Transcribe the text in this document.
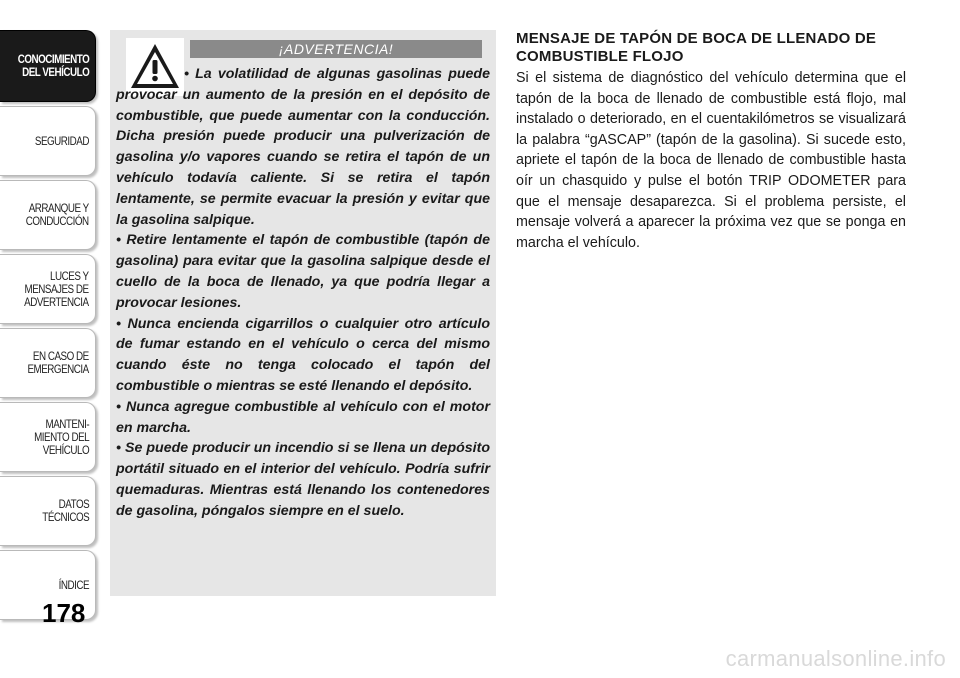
CONOCIMIENTO
DEL VEHÍCULO
SEGURIDAD
ARRANQUE Y
CONDUCCIÓN
LUCES Y
MENSAJES DE
ADVERTENCIA
EN CASO DE
EMERGENCIA
MANTENI-
MIENTO DEL
VEHÍCULO
DATOS
TÉCNICOS
ÍNDICE
178
¡ADVERTENCIA!

• La volatilidad de algunas gasolinas puede provocar un aumento de la presión en el depósito de combustible, que puede aumentar con la conducción. Dicha presión puede producir una pulverización de gasolina y/o vapores cuando se retira el tapón de un vehículo todavía caliente. Si se retira el tapón lentamente, se permite evacuar la presión y evitar que la gasolina salpique.

• Retire lentamente el tapón de combustible (tapón de gasolina) para evitar que la gasolina salpique desde el cuello de la boca de llenado, ya que podría llegar a provocar lesiones.

• Nunca encienda cigarrillos o cualquier otro artículo de fumar estando en el vehículo o cerca del mismo cuando éste no tenga colocado el tapón del combustible o mientras se esté llenando el depósito.

• Nunca agregue combustible al vehículo con el motor en marcha.

• Se puede producir un incendio si se llena un depósito portátil situado en el interior del vehículo. Podría sufrir quemaduras. Mientras está llenando los contenedores de gasolina, póngalos siempre en el suelo.

MENSAJE DE TAPÓN DE BOCA DE LLENADO DE COMBUSTIBLE FLOJO

Si el sistema de diagnóstico del vehículo determina que el tapón de la boca de llenado de combustible está flojo, mal instalado o deteriorado, en el cuentakilómetros se visualizará la palabra “gASCAP” (tapón de la gasolina). Si sucede esto, apriete el tapón de la boca de llenado de combustible hasta oír un chasquido y pulse el botón TRIP ODOMETER para que el mensaje desaparezca. Si el problema persiste, el mensaje volverá a aparecer la próxima vez que se ponga en marcha el vehículo.

carmanualsonline.info
